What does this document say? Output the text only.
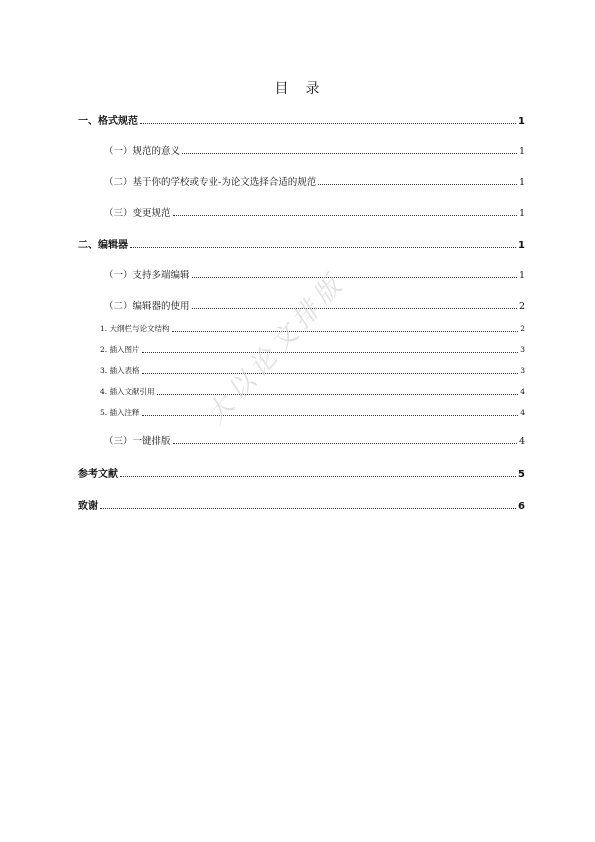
目 录
一、格式规范	1
（一）规范的意义	1
（二）基于你的学校或专业-为论文选择合适的规范	1
（三）变更规范	1
二、编辑器	1
（一）支持多端编辑	1
（二）编辑器的使用	2
1. 大纲栏与论文结构	2
2. 插入图片	3
3. 插入表格	3
4. 插入文献引用	4
5. 插入注释	4
（三）一键排版	4
参考文献	5
致谢	6
大以论文排版
